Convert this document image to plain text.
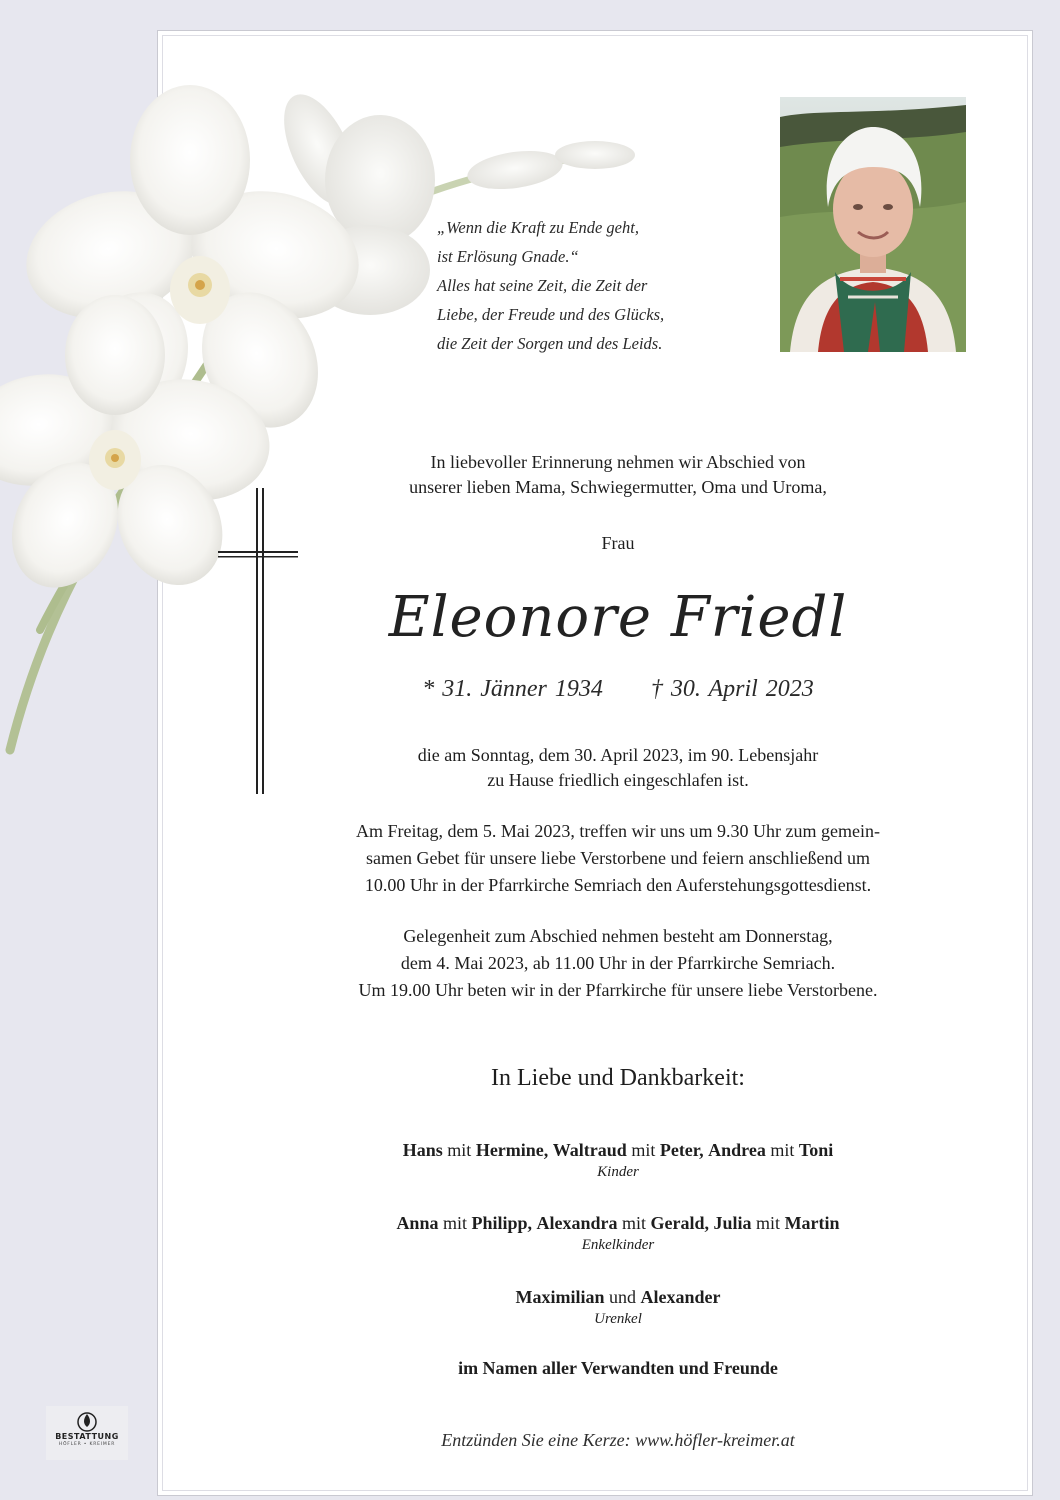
„Wenn die Kraft zu Ende geht,
ist Erlösung Gnade.“
Alles hat seine Zeit, die Zeit der
Liebe, der Freude und des Glücks,
die Zeit der Sorgen und des Leids.
In liebevoller Erinnerung nehmen wir Abschied von
unserer lieben Mama, Schwiegermutter, Oma und Uroma,
Frau
Eleonore Friedl
* 31. Jänner 1934 † 30. April 2023
die am Sonntag, dem 30. April 2023, im 90. Lebensjahr
zu Hause friedlich eingeschlafen ist.
Am Freitag, dem 5. Mai 2023, treffen wir uns um 9.30 Uhr zum gemein-
samen Gebet für unsere liebe Verstorbene und feiern anschließend um
10.00 Uhr in der Pfarrkirche Semriach den Auferstehungsgottesdienst.
Gelegenheit zum Abschied nehmen besteht am Donnerstag,
dem 4. Mai 2023, ab 11.00 Uhr in der Pfarrkirche Semriach.
Um 19.00 Uhr beten wir in der Pfarrkirche für unsere liebe Verstorbene.
In Liebe und Dankbarkeit:
Hans mit Hermine, Waltraud mit Peter, Andrea mit Toni
Kinder
Anna mit Philipp, Alexandra mit Gerald, Julia mit Martin
Enkelkinder
Maximilian und Alexander
Urenkel
im Namen aller Verwandten und Freunde
Entzünden Sie eine Kerze: www.höfler-kreimer.at
BESTATTUNG
HÖFLER • KREIMER
